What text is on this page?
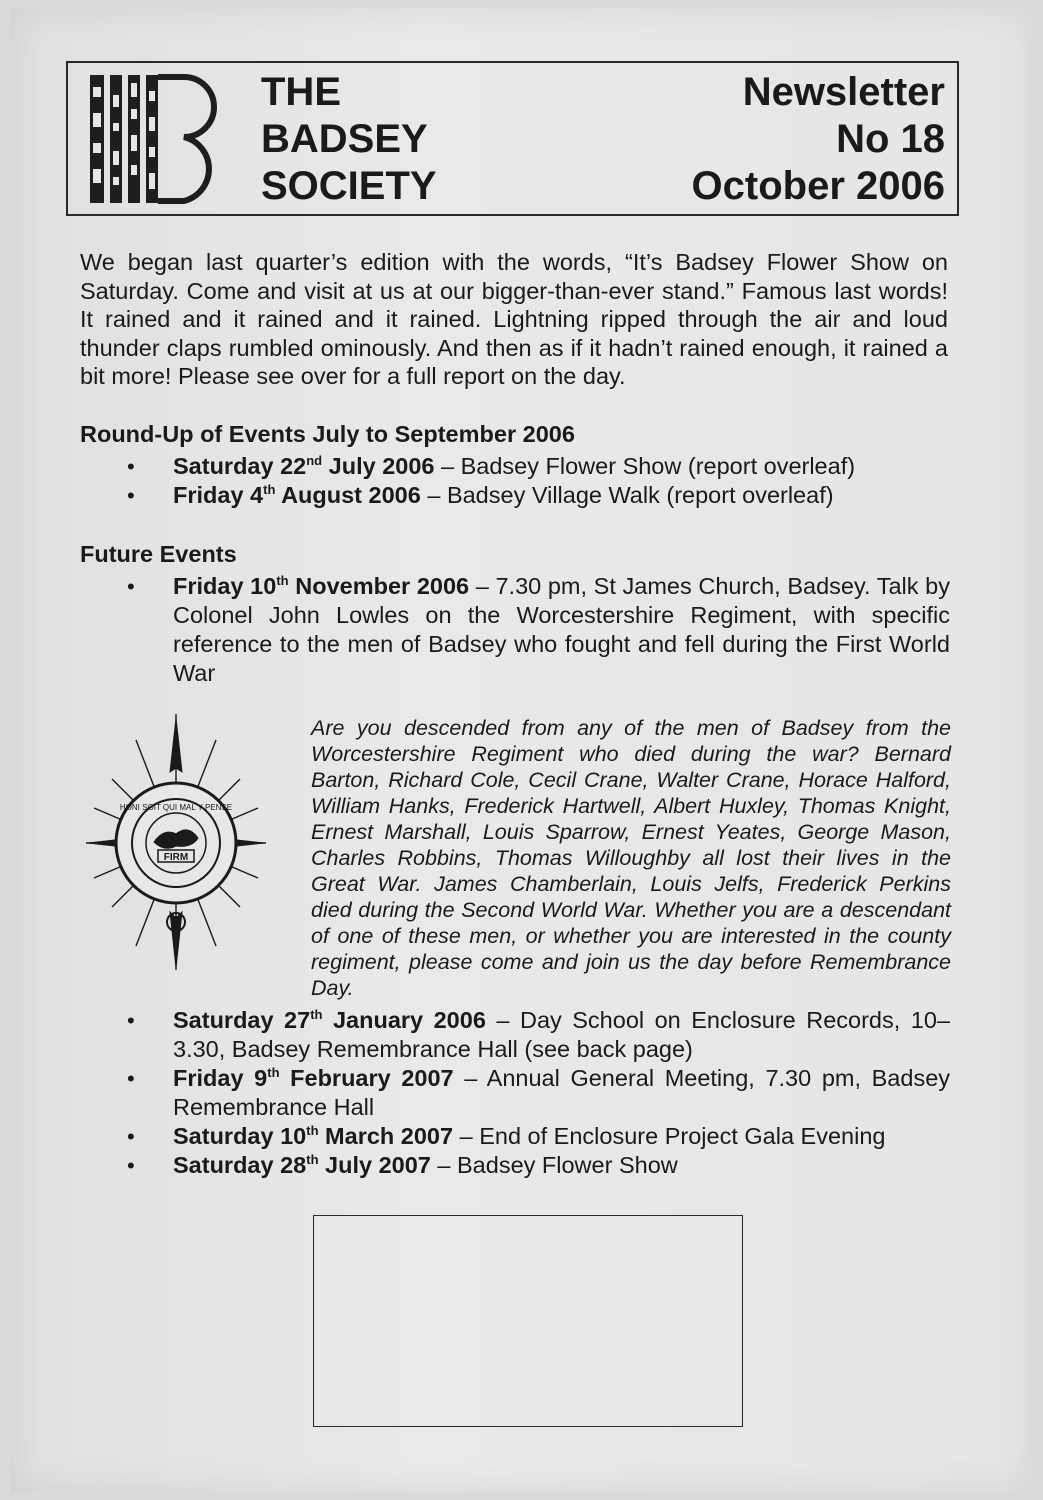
THE
BADSEY
SOCIETY
Newsletter
No 18
October 2006

We began last quarter’s edition with the words, “It’s Badsey Flower Show on Saturday. Come and visit at us at our bigger-than-ever stand.” Famous last words! It rained and it rained and it rained. Lightning ripped through the air and loud thunder claps rumbled ominously. And then as if it hadn’t rained enough, it rained a bit more! Please see over for a full report on the day.

Round-Up of Events July to September 2006
• Saturday 22nd July 2006 – Badsey Flower Show (report overleaf)
• Friday 4th August 2006 – Badsey Village Walk (report overleaf)
Future Events
• Friday 10th November 2006 – 7.30 pm, St James Church, Badsey. Talk by Colonel John Lowles on the Worcestershire Regiment, with specific reference to the men of Badsey who fought and fell during the First World War
FIRM
HONI SOIT QUI MAL Y PENSE

Are you descended from any of the men of Badsey from the Worcestershire Regiment who died during the war? Bernard Barton, Richard Cole, Cecil Crane, Walter Crane, Horace Halford, William Hanks, Frederick Hartwell, Albert Huxley, Thomas Knight, Ernest Marshall, Louis Sparrow, Ernest Yeates, George Mason, Charles Robbins, Thomas Willoughby all lost their lives in the Great War. James Chamberlain, Louis Jelfs, Frederick Perkins died during the Second World War. Whether you are a descendant of one of these men, or whether you are interested in the county regiment, please come and join us the day before Remembrance Day.

• Saturday 27th January 2006 – Day School on Enclosure Records, 10–3.30, Badsey Remembrance Hall (see back page)
• Friday 9th February 2007 – Annual General Meeting, 7.30 pm, Badsey Remembrance Hall
• Saturday 10th March 2007 – End of Enclosure Project Gala Evening
• Saturday 28th July 2007 – Badsey Flower Show
